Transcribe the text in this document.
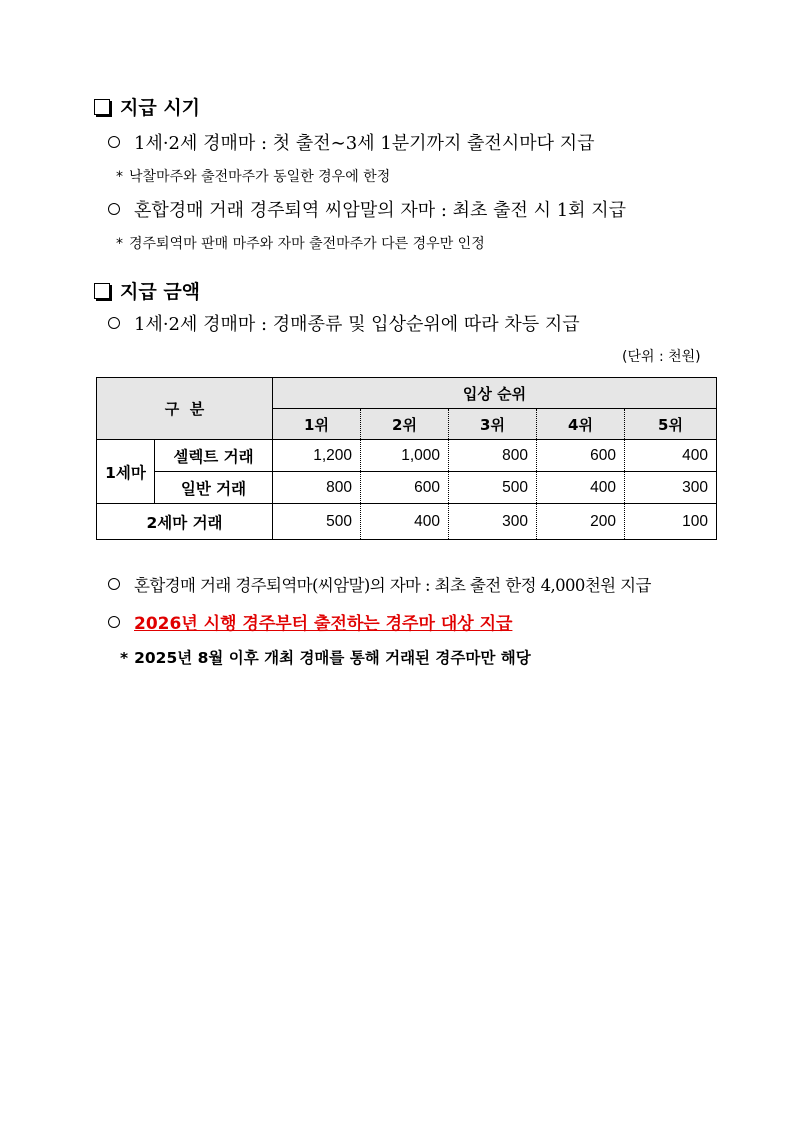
지급 시기
1세·2세 경매마 : 첫 출전∼3세 1분기까지 출전시마다 지급
* 낙찰마주와 출전마주가 동일한 경우에 한정
혼합경매 거래 경주퇴역 씨암말의 자마 : 최초 출전 시 1회 지급
* 경주퇴역마 판매 마주와 자마 출전마주가 다른 경우만 인정
지급 금액
1세·2세 경매마 : 경매종류 및 입상순위에 따라 차등 지급
(단위 : 천원)
구  분		입상 순위				
		1위	2위	3위	4위	5위
1세마	셀렉트 거래	1,200	1,000	800	600	400
	일반 거래	800	600	500	400	300
2세마 거래		500	400	300	200	100
혼합경매 거래 경주퇴역마(씨암말)의 자마 : 최초 출전 한정 4,000천원 지급
2026년 시행 경주부터 출전하는 경주마 대상 지급
* 2025년 8월 이후 개최 경매를 통해 거래된 경주마만 해당
